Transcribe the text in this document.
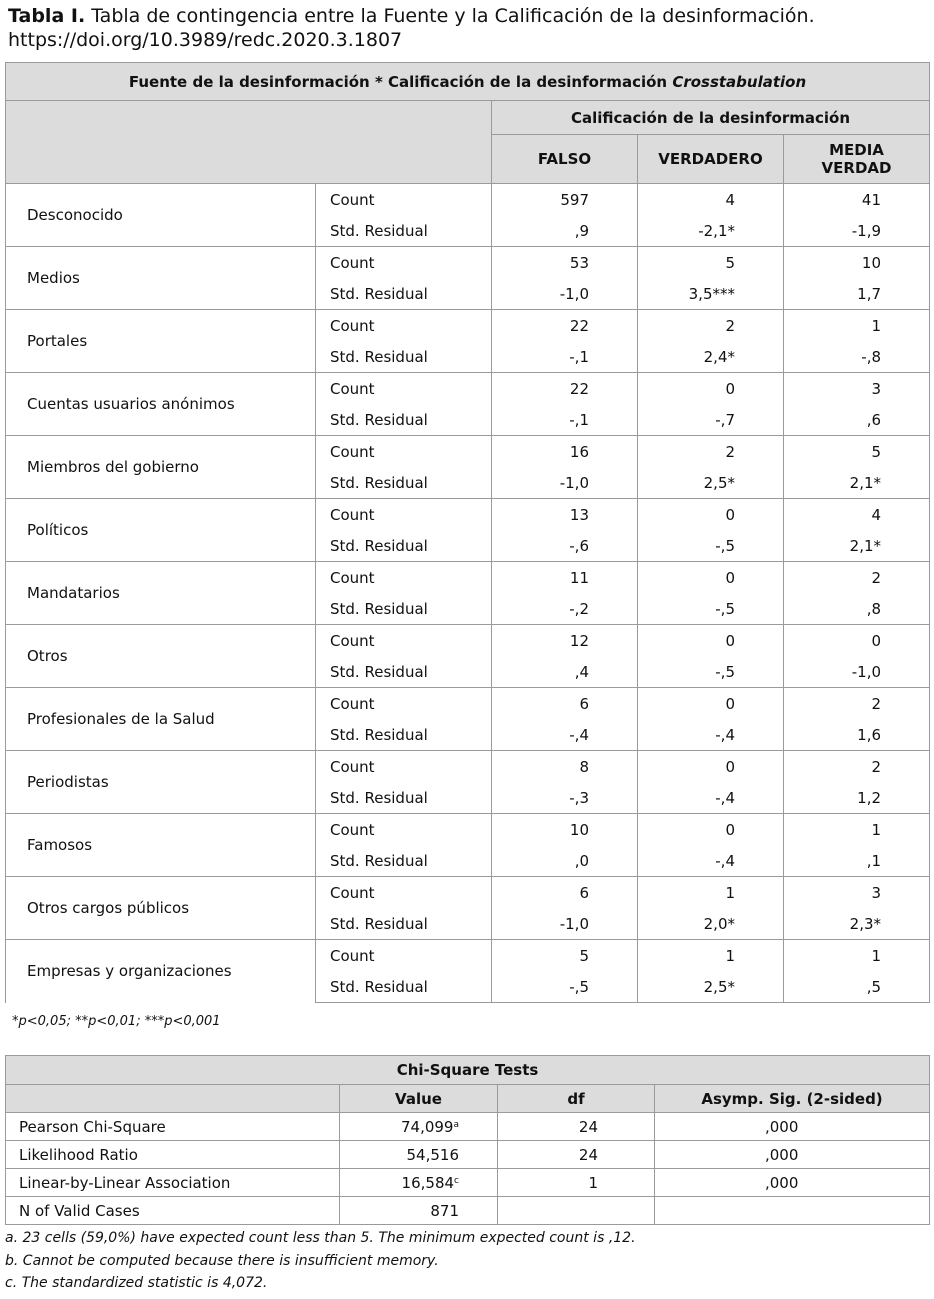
Tabla I. Tabla de contingencia entre la Fuente y la Calificación de la desinformación.
https://doi.org/10.3989/redc.2020.3.1807
Fuente de la desinformación * Calificación de la desinformación Crosstabulation				
		Calificación de la desinformación		
		FALSO	VERDADERO	MEDIA
VERDAD
Desconocido	Count	597	4	41
	Std. Residual	,9	-2,1*	-1,9
Medios	Count	53	5	10
	Std. Residual	-1,0	3,5***	1,7
Portales	Count	22	2	1
	Std. Residual	-,1	2,4*	-,8
Cuentas usuarios anónimos	Count	22	0	3
	Std. Residual	-,1	-,7	,6
Miembros del gobierno	Count	16	2	5
	Std. Residual	-1,0	2,5*	2,1*
Políticos	Count	13	0	4
	Std. Residual	-,6	-,5	2,1*
Mandatarios	Count	11	0	2
	Std. Residual	-,2	-,5	,8
Otros	Count	12	0	0
	Std. Residual	,4	-,5	-1,0
Profesionales de la Salud	Count	6	0	2
	Std. Residual	-,4	-,4	1,6
Periodistas	Count	8	0	2
	Std. Residual	-,3	-,4	1,2
Famosos	Count	10	0	1
	Std. Residual	,0	-,4	,1
Otros cargos públicos	Count	6	1	3
	Std. Residual	-1,0	2,0*	2,3*
Empresas y organizaciones	Count	5	1	1
	Std. Residual	-,5	2,5*	,5
*p<0,05; **p<0,01; ***p<0,001
Chi-Square Tests			
	Value	df	Asymp. Sig. (2-sided)
Pearson Chi-Square	74,099$^a$	24	,000
Likelihood Ratio	54,516	24	,000
Linear-by-Linear Association	16,584$^c$	1	,000
N of Valid Cases	871		
a. 23 cells (59,0%) have expected count less than 5. The minimum expected count is ,12.
b. Cannot be computed because there is insufficient memory.
c. The standardized statistic is 4,072.
